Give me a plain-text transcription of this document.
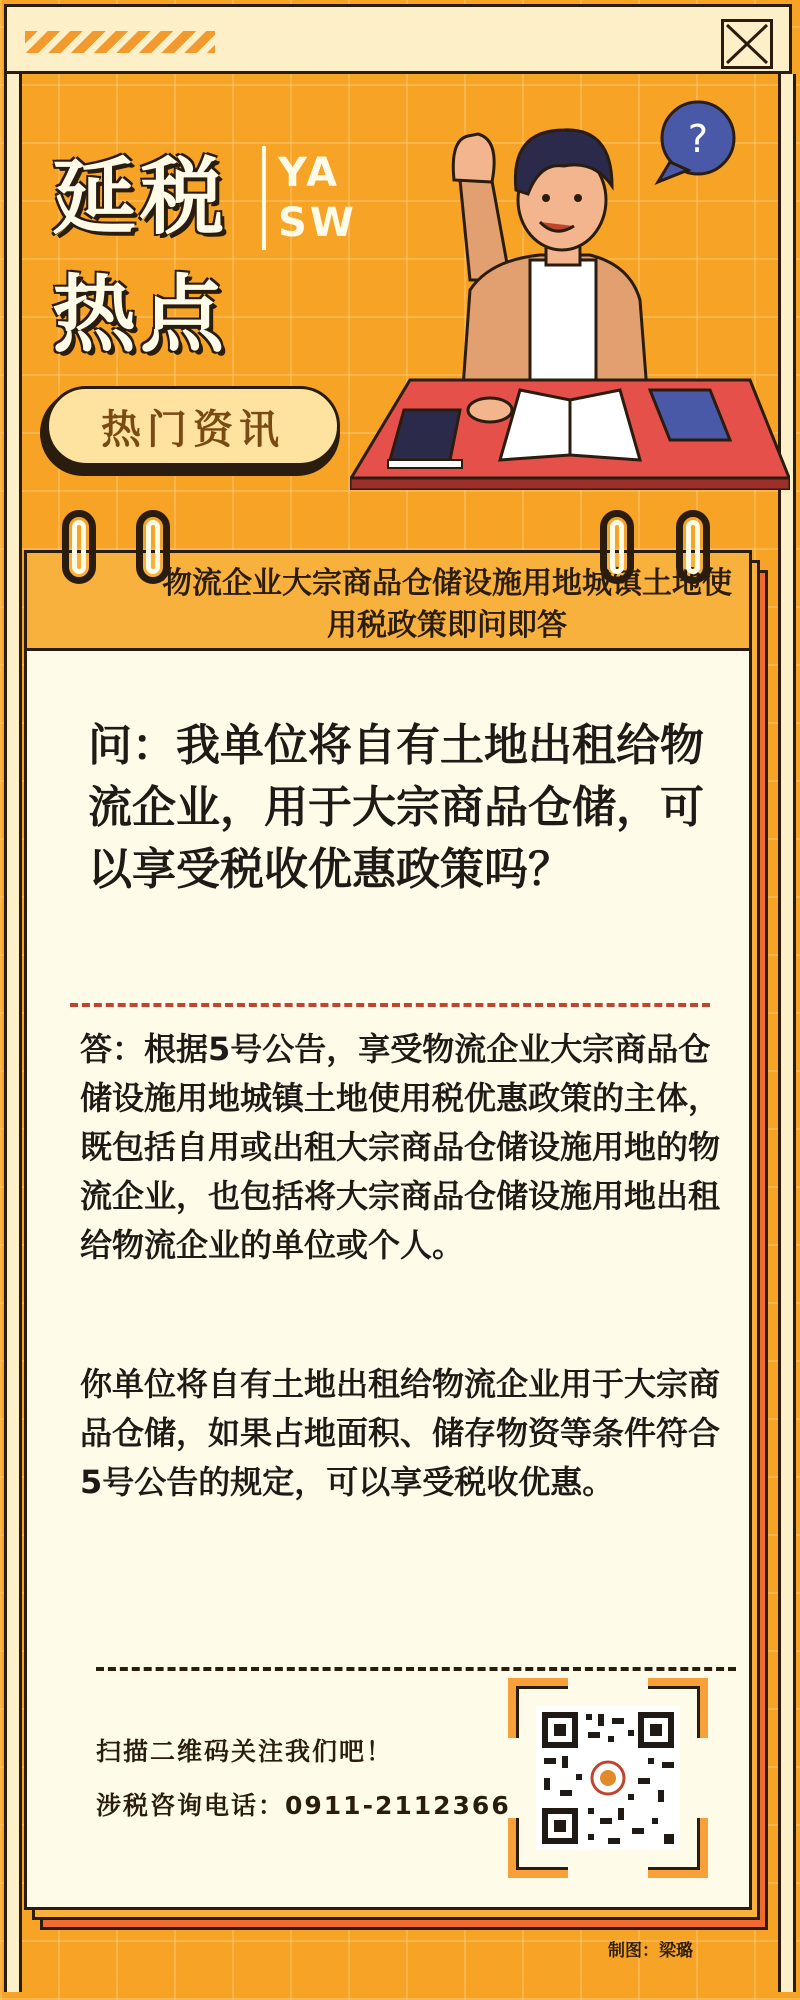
延税
热点
YA
SW
热门资讯
?
物流企业大宗商品仓储设施用地城镇土地使用税政策即问即答
问：我单位将自有土地出租给物流企业，用于大宗商品仓储，可以享受税收优惠政策吗？
答：根据5号公告，享受物流企业大宗商品仓储设施用地城镇土地使用税优惠政策的主体，既包括自用或出租大宗商品仓储设施用地的物流企业，也包括将大宗商品仓储设施用地出租给物流企业的单位或个人。
你单位将自有土地出租给物流企业用于大宗商品仓储，如果占地面积、储存物资等条件符合5号公告的规定，可以享受税收优惠。
扫描二维码关注我们吧！
涉税咨询电话：0911-2112366
制图：梁璐
